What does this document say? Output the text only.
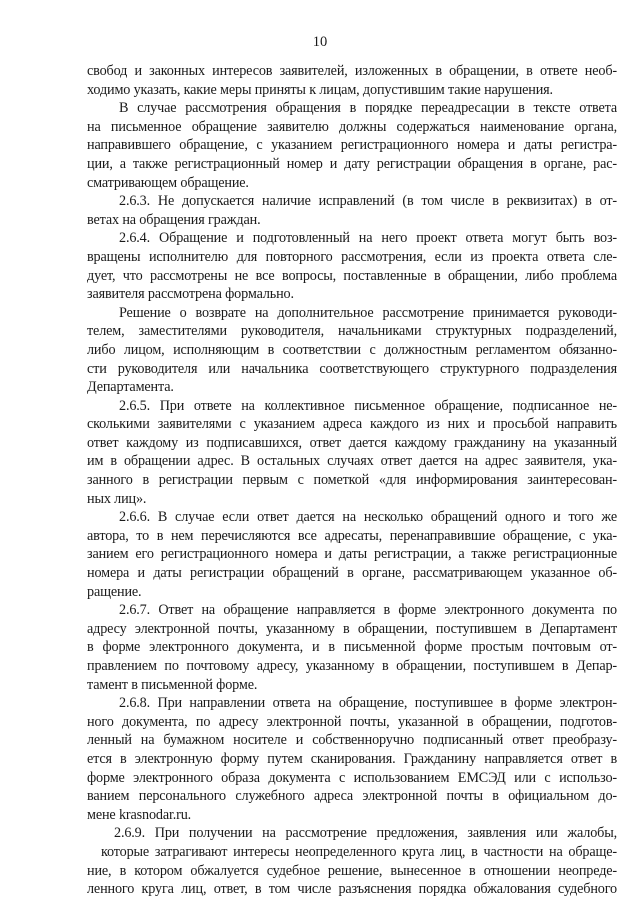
10
свобод и законных интересов заявителей, изложенных в обращении, в ответе необ-
ходимо указать, какие меры приняты к лицам, допустившим такие нарушения.
В случае рассмотрения обращения в порядке переадресации в тексте ответа
на письменное обращение заявителю должны содержаться наименование органа,
направившего обращение, с указанием регистрационного номера и даты регистра-
ции, а также регистрационный номер и дату регистрации обращения в органе, рас-
сматривающем обращение.
2.6.3. Не допускается наличие исправлений (в том числе в реквизитах) в от-
ветах на обращения граждан.
2.6.4. Обращение и подготовленный на него проект ответа могут быть воз-
вращены исполнителю для повторного рассмотрения, если из проекта ответа сле-
дует, что рассмотрены не все вопросы, поставленные в обращении, либо проблема
заявителя рассмотрена формально.
Решение о возврате на дополнительное рассмотрение принимается руководи-
телем, заместителями руководителя, начальниками структурных подразделений,
либо лицом, исполняющим в соответствии с должностным регламентом обязанно-
сти руководителя или начальника соответствующего структурного подразделения
Департамента.
2.6.5. При ответе на коллективное письменное обращение, подписанное не-
сколькими заявителями с указанием адреса каждого из них и просьбой направить
ответ каждому из подписавшихся, ответ дается каждому гражданину на указанный
им в обращении адрес. В остальных случаях ответ дается на адрес заявителя, ука-
занного в регистрации первым с пометкой «для информирования заинтересован-
ных лиц».
2.6.6. В случае если ответ дается на несколько обращений одного и того же
автора, то в нем перечисляются все адресаты, перенаправившие обращение, с ука-
занием его регистрационного номера и даты регистрации, а также регистрационные
номера и даты регистрации обращений в органе, рассматривающем указанное об-
ращение.
2.6.7. Ответ на обращение направляется в форме электронного документа по
адресу электронной почты, указанному в обращении, поступившем в Департамент
в форме электронного документа, и в письменной форме простым почтовым от-
правлением по почтовому адресу, указанному в обращении, поступившем в Депар-
тамент в письменной форме.
2.6.8. При направлении ответа на обращение, поступившее в форме электрон-
ного документа, по адресу электронной почты, указанной в обращении, подготов-
ленный на бумажном носителе и собственноручно подписанный ответ преобразу-
ется в электронную форму путем сканирования. Гражданину направляется ответ в
форме электронного образа документа с использованием ЕМСЭД или с использо-
ванием персонального служебного адреса электронной почты в официальном до-
мене krasnodar.ru.
2.6.9. При получении на рассмотрение предложения, заявления или жалобы,
которые затрагивают интересы неопределенного круга лиц, в частности на обраще-
ние, в котором обжалуется судебное решение, вынесенное в отношении неопреде-
ленного круга лиц, ответ, в том числе разъяснения порядка обжалования судебного
